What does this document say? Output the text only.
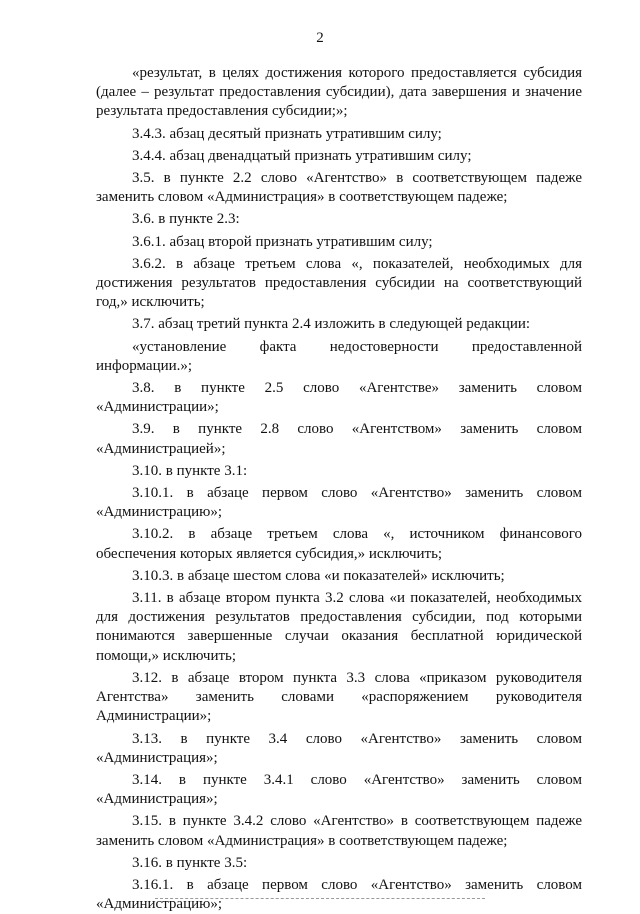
2

«результат, в целях достижения которого предоставляется субсидия (далее – результат предоставления субсидии), дата завершения и значение результата предоставления субсидии;»;

3.4.3. абзац десятый признать утратившим силу;

3.4.4. абзац двенадцатый признать утратившим силу;

3.5. в пункте 2.2 слово «Агентство» в соответствующем падеже заменить словом «Администрация» в соответствующем падеже;

3.6. в пункте 2.3:

3.6.1. абзац второй признать утратившим силу;

3.6.2. в абзаце третьем слова «, показателей, необходимых для достижения результатов предоставления субсидии на соответствующий год,» исключить;

3.7. абзац третий пункта 2.4 изложить в следующей редакции:

«установление факта недостоверности предоставленной информации.»;

3.8. в пункте 2.5 слово «Агентстве» заменить словом «Администрации»;

3.9. в пункте 2.8 слово «Агентством» заменить словом «Администрацией»;

3.10. в пункте 3.1:

3.10.1. в абзаце первом слово «Агентство» заменить словом «Администрацию»;

3.10.2. в абзаце третьем слова «, источником финансового обеспечения которых является субсидия,» исключить;

3.10.3. в абзаце шестом слова «и показателей» исключить;

3.11. в абзаце втором пункта 3.2 слова «и показателей, необходимых для достижения результатов предоставления субсидии, под которыми понимаются завершенные случаи оказания бесплатной юридической помощи,» исключить;

3.12. в абзаце втором пункта 3.3 слова «приказом руководителя Агентства» заменить словами «распоряжением руководителя Администрации»;

3.13. в пункте 3.4 слово «Агентство» заменить словом «Администрация»;

3.14. в пункте 3.4.1 слово «Агентство» заменить словом «Администрация»;

3.15. в пункте 3.4.2 слово «Агентство» в соответствующем падеже заменить словом «Администрация» в соответствующем падеже;

3.16. в пункте 3.5:

3.16.1. в абзаце первом слово «Агентство» заменить словом «Администрацию»;
